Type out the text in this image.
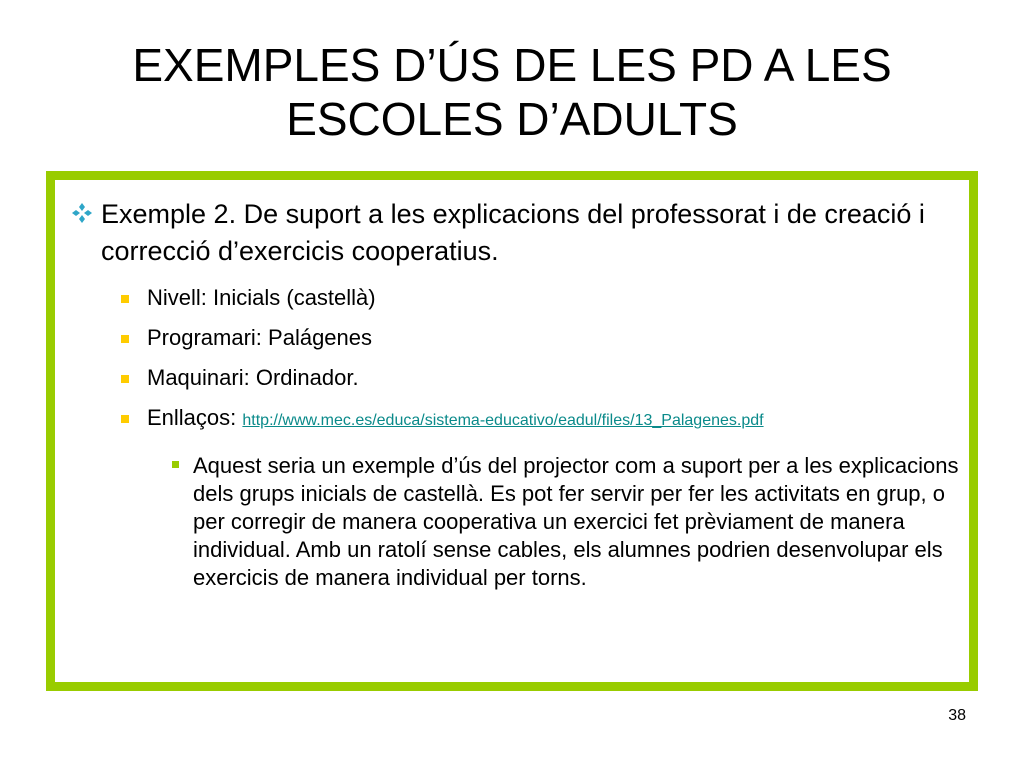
EXEMPLES D’ÚS DE LES PD A LES
ESCOLES D’ADULTS

Exemple 2. De suport a les explicacions del professorat i de creació i correcció d’exercicis cooperatius.

Nivell: Inicials (castellà)
Programari: Palágenes
Maquinari: Ordinador.
Enllaços: http://www.mec.es/educa/sistema-educativo/eadul/files/13_Palagenes.pdf

Aquest seria un exemple d’ús del projector com a suport per a les explicacions dels grups inicials de castellà. Es pot fer servir per fer les activitats en grup, o per corregir de manera cooperativa un exercici fet prèviament de manera individual. Amb un ratolí sense cables, els alumnes podrien desenvolupar els exercicis de manera individual per torns.

38
